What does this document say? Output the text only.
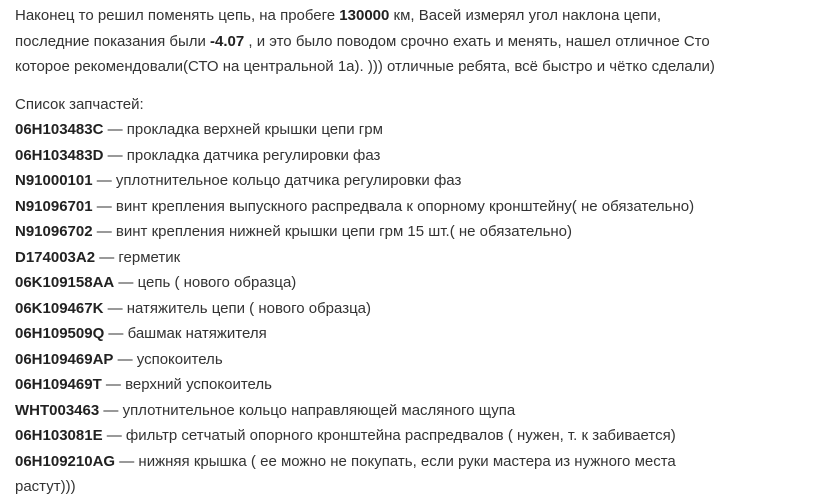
Наконец то решил поменять цепь, на пробеге 130000 км, Васей измерял угол наклона цепи,
последние показания были -4.07 , и это было поводом срочно ехать и менять, нашел отличное Сто
которое рекомендовали(СТО на центральной 1а). ))) отличные ребята, всё быстро и чётко сделали)

Список запчастей:

06H103483C — прокладка верхней крышки цепи грм
06H103483D — прокладка датчика регулировки фаз
N91000101 — уплотнительное кольцо датчика регулировки фаз
N91096701 — винт крепления выпускного распредвала к опорному кронштейну( не обязательно)
N91096702 — винт крепления нижней крышки цепи грм 15 шт.( не обязательно)
D174003A2 — герметик
06K109158AA — цепь ( нового образца)
06K109467K — натяжитель цепи ( нового образца)
06H109509Q — башмак натяжителя
06H109469AP — успокоитель
06H109469T — верхний успокоитель
WHT003463 — уплотнительное кольцо направляющей масляного щупа
06H103081E — фильтр сетчатый опорного кронштейна распредвалов ( нужен, т. к забивается)
06H109210AG — нижняя крышка ( ее можно не покупать, если руки мастера из нужного места
растут)))
